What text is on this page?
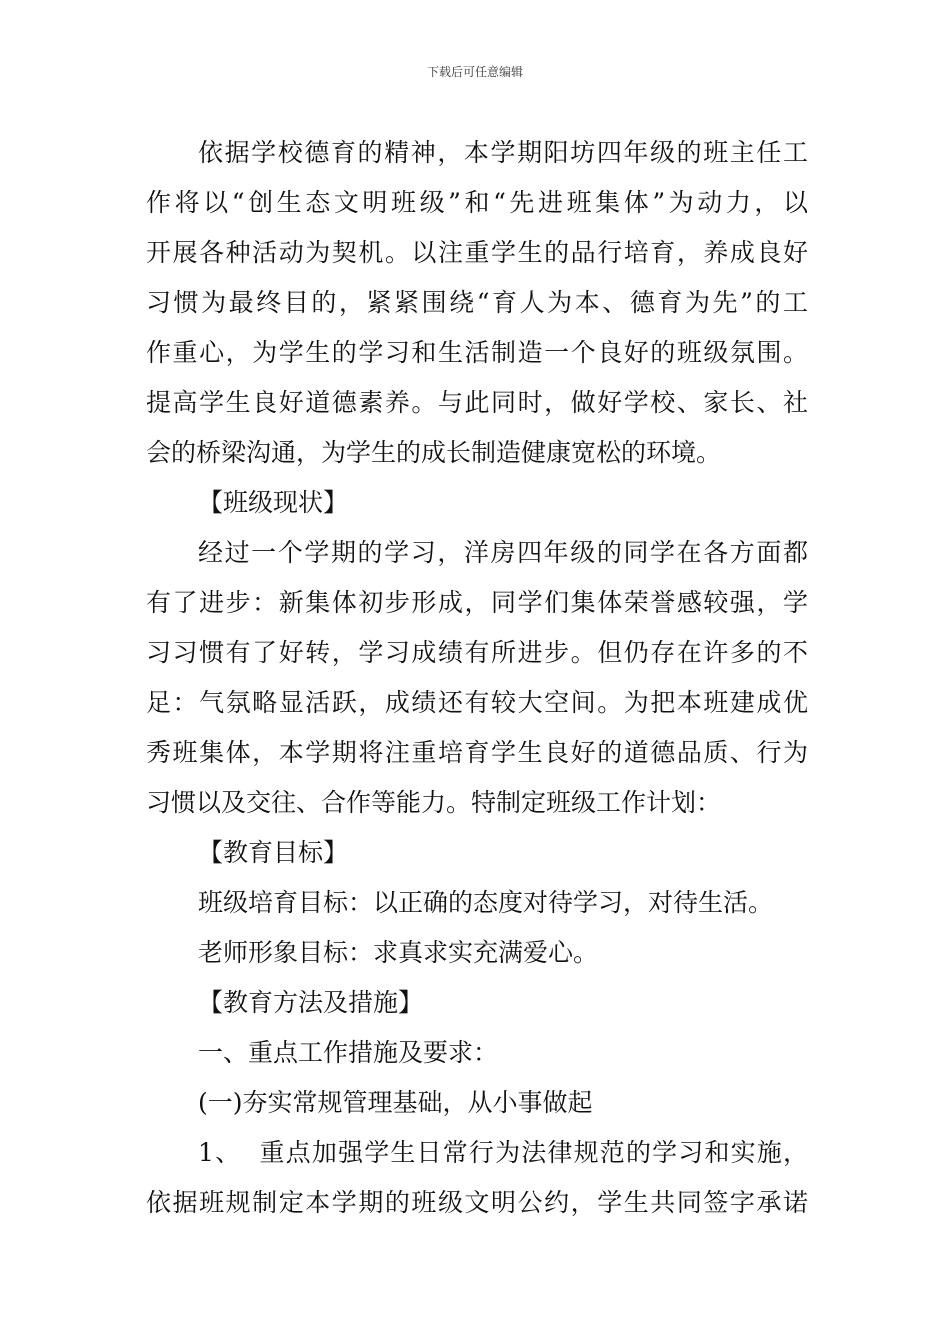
下载后可任意编辑
依据学校德育的精神，本学期阳坊四年级的班主任工
作将以“创生态文明班级”和“先进班集体”为动力，以
开展各种活动为契机。以注重学生的品行培育，养成良好
习惯为最终目的，紧紧围绕“育人为本、德育为先”的工
作重心，为学生的学习和生活制造一个良好的班级氛围。
提高学生良好道德素养。与此同时，做好学校、家长、社
会的桥梁沟通，为学生的成长制造健康宽松的环境。
【班级现状】
经过一个学期的学习，洋房四年级的同学在各方面都
有了进步：新集体初步形成，同学们集体荣誉感较强，学
习习惯有了好转，学习成绩有所进步。但仍存在许多的不
足：气氛略显活跃，成绩还有较大空间。为把本班建成优
秀班集体，本学期将注重培育学生良好的道德品质、行为
习惯以及交往、合作等能力。特制定班级工作计划：
【教育目标】
班级培育目标：以正确的态度对待学习，对待生活。
老师形象目标：求真求实充满爱心。
【教育方法及措施】
一、重点工作措施及要求：
(一)夯实常规管理基础，从小事做起
1、  重点加强学生日常行为法律规范的学习和实施，
依据班规制定本学期的班级文明公约，学生共同签字承诺
